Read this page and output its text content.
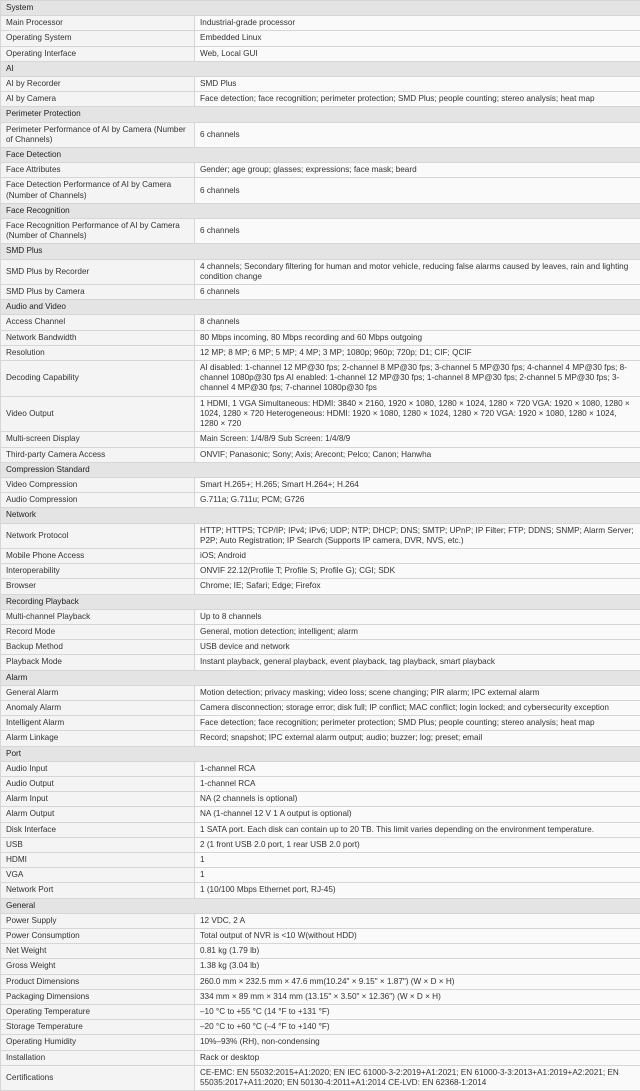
System	
Main Processor	Industrial-grade processor
Operating System	Embedded Linux
Operating Interface	Web, Local GUI
AI	
AI by Recorder	SMD Plus
AI by Camera	Face detection; face recognition; perimeter protection; SMD Plus; people counting; stereo analysis; heat map
Perimeter Protection	
Perimeter Performance of AI by Camera (Number of Channels)	6 channels
Face Detection	
Face Attributes	Gender; age group; glasses; expressions; face mask; beard
Face Detection Performance of AI by Camera (Number of Channels)	6 channels
Face Recognition	
Face Recognition Performance of AI by Camera (Number of Channels)	6 channels
SMD Plus	
SMD Plus by Recorder	4 channels; Secondary filtering for human and motor vehicle, reducing false alarms caused by leaves, rain and lighting condition change
SMD Plus by Camera	6 channels
Audio and Video	
Access Channel	8 channels
Network Bandwidth	80 Mbps incoming, 80 Mbps recording and 60 Mbps outgoing
Resolution	12 MP; 8 MP; 6 MP; 5 MP; 4 MP; 3 MP; 1080p; 960p; 720p; D1; CIF; QCIF
Decoding Capability	AI disabled: 1-channel 12 MP@30 fps; 2-channel 8 MP@30 fps; 3-channel 5 MP@30 fps; 4-channel 4 MP@30 fps; 8-channel 1080p@30 fps AI enabled: 1-channel 12 MP@30 fps; 1-channel 8 MP@30 fps; 2-channel 5 MP@30 fps; 3-channel 4 MP@30 fps; 7-channel 1080p@30 fps
Video Output	1 HDMI, 1 VGA Simultaneous: HDMI: 3840 × 2160, 1920 × 1080, 1280 × 1024, 1280 × 720 VGA: 1920 × 1080, 1280 × 1024, 1280 × 720 Heterogeneous: HDMI: 1920 × 1080, 1280 × 1024, 1280 × 720 VGA: 1920 × 1080, 1280 × 1024, 1280 × 720
Multi-screen Display	Main Screen: 1/4/8/9 Sub Screen: 1/4/8/9
Third-party Camera Access	ONVIF; Panasonic; Sony; Axis; Arecont; Pelco; Canon; Hanwha
Compression Standard	
Video Compression	Smart H.265+; H.265; Smart H.264+; H.264
Audio Compression	G.711a; G.711u; PCM; G726
Network	
Network Protocol	HTTP; HTTPS; TCP/IP; IPv4; IPv6; UDP; NTP; DHCP; DNS; SMTP; UPnP; IP Filter; FTP; DDNS; SNMP; Alarm Server; P2P; Auto Registration; IP Search (Supports IP camera, DVR, NVS, etc.)
Mobile Phone Access	iOS; Android
Interoperability	ONVIF 22.12(Profile T; Profile S; Profile G); CGI; SDK
Browser	Chrome; IE; Safari; Edge; Firefox
Recording Playback	
Multi-channel Playback	Up to 8 channels
Record Mode	General, motion detection; intelligent; alarm
Backup Method	USB device and network
Playback Mode	Instant playback, general playback, event playback, tag playback, smart playback
Alarm	
General Alarm	Motion detection; privacy masking; video loss; scene changing; PIR alarm; IPC external alarm
Anomaly Alarm	Camera disconnection; storage error; disk full; IP conflict; MAC conflict; login locked; and cybersecurity exception
Intelligent Alarm	Face detection; face recognition; perimeter protection; SMD Plus; people counting; stereo analysis; heat map
Alarm Linkage	Record; snapshot; IPC external alarm output; audio; buzzer; log; preset; email
Port	
Audio Input	1-channel RCA
Audio Output	1-channel RCA
Alarm Input	NA (2 channels is optional)
Alarm Output	NA (1-channel 12 V 1 A output is optional)
Disk Interface	1 SATA port. Each disk can contain up to 20 TB. This limit varies depending on the environment temperature.
USB	2 (1 front USB 2.0 port, 1 rear USB 2.0 port)
HDMI	1
VGA	1
Network Port	1 (10/100 Mbps Ethernet port, RJ-45)
General	
Power Supply	12 VDC, 2 A
Power Consumption	Total output of NVR is <10 W(without HDD)
Net Weight	0.81 kg (1.79 lb)
Gross Weight	1.38 kg (3.04 lb)
Product Dimensions	260.0 mm × 232.5 mm × 47.6 mm(10.24" × 9.15" × 1.87") (W × D × H)
Packaging Dimensions	334 mm × 89 mm × 314 mm (13.15" × 3.50" × 12.36") (W × D × H)
Operating Temperature	–10 °C to +55 °C (14 °F to +131 °F)
Storage Temperature	–20 °C to +60 °C (–4 °F to +140 °F)
Operating Humidity	10%–93% (RH), non-condensing
Installation	Rack or desktop
Certifications	CE-EMC: EN 55032:2015+A1:2020; EN IEC 61000-3-2:2019+A1:2021; EN 61000-3-3:2013+A1:2019+A2:2021; EN 55035:2017+A11:2020; EN 50130-4:2011+A1:2014 CE-LVD: EN 62368-1:2014
